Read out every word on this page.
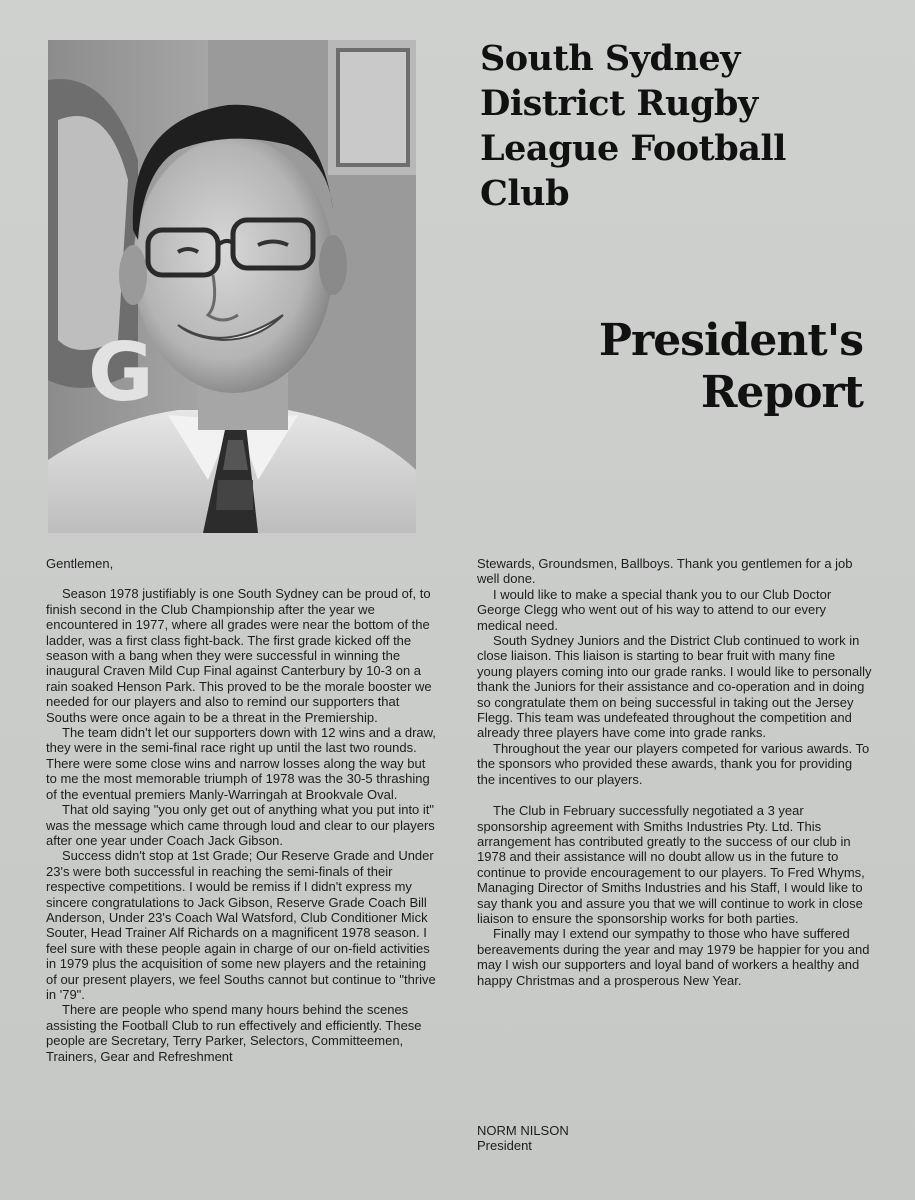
G
South Sydney
District Rugby
League Football
Club
President's
Report

Gentlemen,

Season 1978 justifiably is one South Sydney can be proud of, to finish second in the Club Championship after the year we encountered in 1977, where all grades were near the bottom of the ladder, was a first class fight-back. The first grade kicked off the season with a bang when they were successful in winning the inaugural Craven Mild Cup Final against Canterbury by 10-3 on a rain soaked Henson Park. This proved to be the morale booster we needed for our players and also to remind our supporters that Souths were once again to be a threat in the Premiership.

The team didn't let our supporters down with 12 wins and a draw, they were in the semi-final race right up until the last two rounds. There were some close wins and narrow losses along the way but to me the most memorable triumph of 1978 was the 30-5 thrashing of the eventual premiers Manly-Warringah at Brookvale Oval.

That old saying "you only get out of anything what you put into it" was the message which came through loud and clear to our players after one year under Coach Jack Gibson.

Success didn't stop at 1st Grade; Our Reserve Grade and Under 23's were both successful in reaching the semi-finals of their respective competitions. I would be remiss if I didn't express my sincere congratulations to Jack Gibson, Reserve Grade Coach Bill Anderson, Under 23's Coach Wal Watsford, Club Conditioner Mick Souter, Head Trainer Alf Richards on a magnificent 1978 season. I feel sure with these people again in charge of our on-field activities in 1979 plus the acquisition of some new players and the retaining of our present players, we feel Souths cannot but continue to "thrive in '79".

There are people who spend many hours behind the scenes assisting the Football Club to run effectively and efficiently. These people are Secretary, Terry Parker, Selectors, Committeemen, Trainers, Gear and Refreshment

Stewards, Groundsmen, Ballboys. Thank you gentlemen for a job well done.

I would like to make a special thank you to our Club Doctor George Clegg who went out of his way to attend to our every medical need.

South Sydney Juniors and the District Club continued to work in close liaison. This liaison is starting to bear fruit with many fine young players coming into our grade ranks. I would like to personally thank the Juniors for their assistance and co-operation and in doing so congratulate them on being successful in taking out the Jersey Flegg. This team was undefeated throughout the competition and already three players have come into grade ranks.

Throughout the year our players competed for various awards. To the sponsors who provided these awards, thank you for providing the incentives to our players.

The Club in February successfully negotiated a 3 year sponsorship agreement with Smiths Industries Pty. Ltd. This arrangement has contributed greatly to the success of our club in 1978 and their assistance will no doubt allow us in the future to continue to provide encouragement to our players. To Fred Whyms, Managing Director of Smiths Industries and his Staff, I would like to say thank you and assure you that we will continue to work in close liaison to ensure the sponsorship works for both parties.

Finally may I extend our sympathy to those who have suffered bereavements during the year and may 1979 be happier for you and may I wish our supporters and loyal band of workers a healthy and happy Christmas and a prosperous New Year.

NORM NILSON
President
